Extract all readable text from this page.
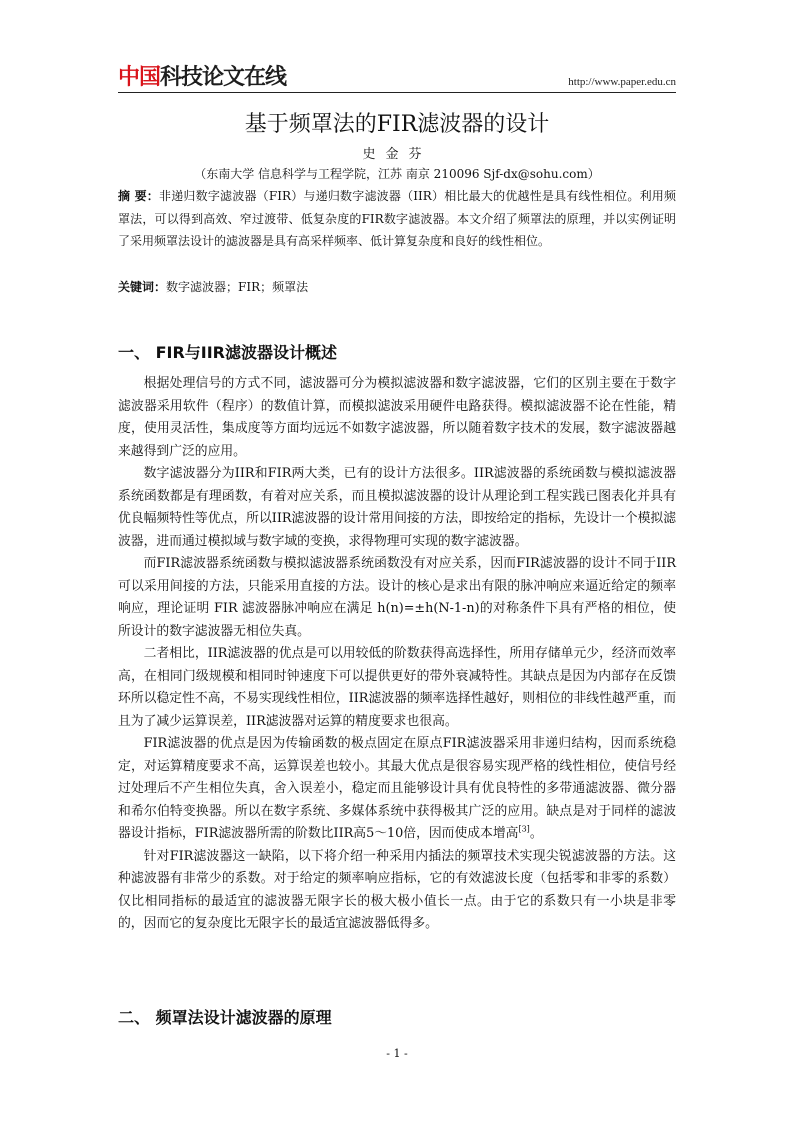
中国科技论文在线	http://www.paper.edu.cn
基于频罩法的FIR滤波器的设计
史金芬
（东南大学 信息科学与工程学院，江苏 南京 210096 Sjf-dx@sohu.com）
摘 要：非递归数字滤波器（FIR）与递归数字滤波器（IIR）相比最大的优越性是具有线性相位。利用频罩法，可以得到高效、窄过渡带、低复杂度的FIR数字滤波器。本文介绍了频罩法的原理，并以实例证明了采用频罩法设计的滤波器是具有高采样频率、低计算复杂度和良好的线性相位。
关键词：数字滤波器；FIR；频罩法
一、 FIR与IIR滤波器设计概述

根据处理信号的方式不同，滤波器可分为模拟滤波器和数字滤波器，它们的区别主要在于数字滤波器采用软件（程序）的数值计算，而模拟滤波采用硬件电路获得。模拟滤波器不论在性能，精度，使用灵活性，集成度等方面均远远不如数字滤波器，所以随着数字技术的发展，数字滤波器越来越得到广泛的应用。

数字滤波器分为IIR和FIR两大类，已有的设计方法很多。IIR滤波器的系统函数与模拟滤波器系统函数都是有理函数，有着对应关系，而且模拟滤波器的设计从理论到工程实践已图表化并具有优良幅频特性等优点，所以IIR滤波器的设计常用间接的方法，即按给定的指标，先设计一个模拟滤波器，进而通过模拟域与数字域的变换，求得物理可实现的数字滤波器。

而FIR滤波器系统函数与模拟滤波器系统函数没有对应关系，因而FIR滤波器的设计不同于IIR可以采用间接的方法，只能采用直接的方法。设计的核心是求出有限的脉冲响应来逼近给定的频率响应，理论证明 FIR 滤波器脉冲响应在满足 h(n)=±h(N-1-n)的对称条件下具有严格的相位，使所设计的数字滤波器无相位失真。

二者相比，IIR滤波器的优点是可以用较低的阶数获得高选择性，所用存储单元少，经济而效率高，在相同门级规模和相同时钟速度下可以提供更好的带外衰减特性。其缺点是因为内部存在反馈环所以稳定性不高，不易实现线性相位，IIR滤波器的频率选择性越好，则相位的非线性越严重，而且为了减少运算误差，IIR滤波器对运算的精度要求也很高。

FIR滤波器的优点是因为传输函数的极点固定在原点FIR滤波器采用非递归结构，因而系统稳定，对运算精度要求不高，运算误差也较小。其最大优点是很容易实现严格的线性相位，使信号经过处理后不产生相位失真，舍入误差小，稳定而且能够设计具有优良特性的多带通滤波器、微分器和希尔伯特变换器。所以在数字系统、多媒体系统中获得极其广泛的应用。缺点是对于同样的滤波器设计指标，FIR滤波器所需的阶数比IIR高5～10倍，因而使成本增高[3]。

针对FIR滤波器这一缺陷，以下将介绍一种采用内插法的频罩技术实现尖锐滤波器的方法。这种滤波器有非常少的系数。对于给定的频率响应指标，它的有效滤波长度（包括零和非零的系数）仅比相同指标的最适宜的滤波器无限字长的极大极小值长一点。由于它的系数只有一小块是非零的，因而它的复杂度比无限字长的最适宜滤波器低得多。

二、 频罩法设计滤波器的原理
- 1 -
